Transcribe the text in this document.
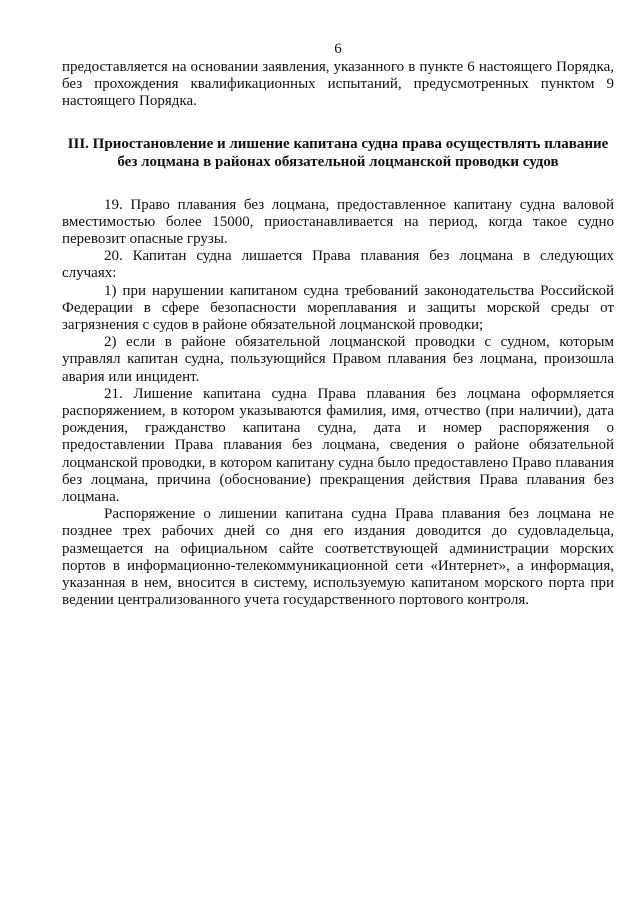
6

предоставляется на основании заявления, указанного в пункте 6 настоящего Порядка, без прохождения квалификационных испытаний, предусмотренных пунктом 9 настоящего Порядка.

III. Приостановление и лишение капитана судна права осуществлять плавание
без лоцмана в районах обязательной лоцманской проводки судов

19. Право плавания без лоцмана, предоставленное капитану судна валовой вместимостью более 15000, приостанавливается на период, когда такое судно перевозит опасные грузы.

20. Капитан судна лишается Права плавания без лоцмана в следующих случаях:

1) при нарушении капитаном судна требований законодательства Российской Федерации в сфере безопасности мореплавания и защиты морской среды от загрязнения с судов в районе обязательной лоцманской проводки;

2) если в районе обязательной лоцманской проводки с судном, которым управлял капитан судна, пользующийся Правом плавания без лоцмана, произошла авария или инцидент.

21. Лишение капитана судна Права плавания без лоцмана оформляется распоряжением, в котором указываются фамилия, имя, отчество (при наличии), дата рождения, гражданство капитана судна, дата и номер распоряжения о предоставлении Права плавания без лоцмана, сведения о районе обязательной лоцманской проводки, в котором капитану судна было предоставлено Право плавания без лоцмана, причина (обоснование) прекращения действия Права плавания без лоцмана.

Распоряжение о лишении капитана судна Права плавания без лоцмана не позднее трех рабочих дней со дня его издания доводится до судовладельца, размещается на официальном сайте соответствующей администрации морских портов в информационно-телекоммуникационной сети «Интернет», а информация, указанная в нем, вносится в систему, используемую капитаном морского порта при ведении централизованного учета государственного портового контроля.
